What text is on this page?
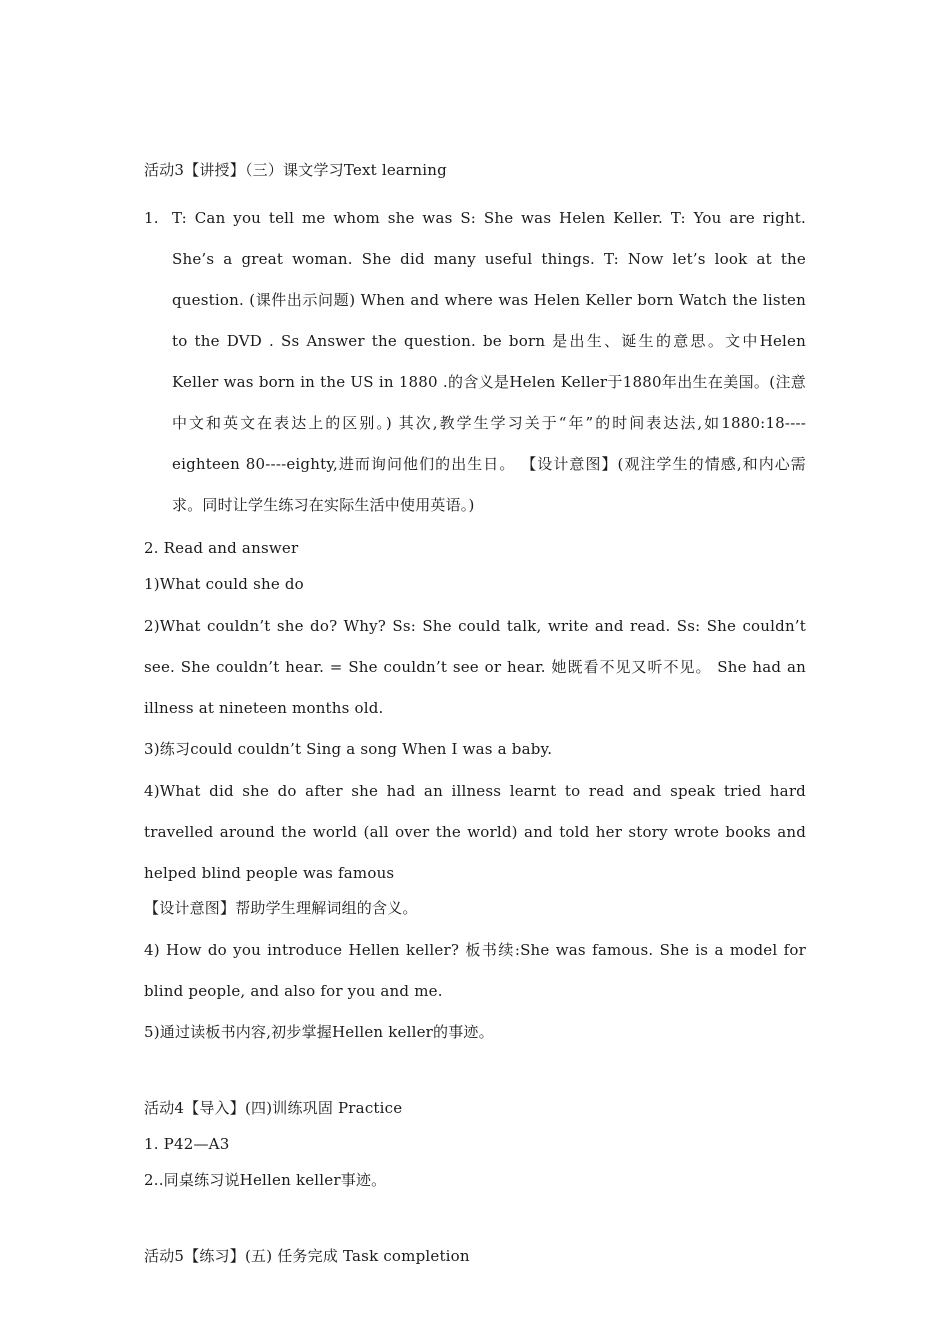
活动3【讲授】（三）课文学习Text learning
1. T: Can you tell me whom she was S: She was Helen Keller. T: You are right. She’s a great woman. She did many useful things. T: Now let’s look at the question. (课件出示问题) When and where was Helen Keller born Watch the listen to the DVD . Ss Answer the question. be born 是出生、诞生的意思。文中Helen Keller was born in the US in 1880 .的含义是Helen Keller于1880年出生在美国。(注意中文和英文在表达上的区别。) 其次,教学生学习关于“年”的时间表达法,如1880:18----eighteen 80----eighty,进而询问他们的出生日。 【设计意图】(观注学生的情感,和内心需求。同时让学生练习在实际生活中使用英语。)
2. Read and answer
1)What could she do
2)What couldn’t she do? Why? Ss: She could talk, write and read. Ss: She couldn’t see. She couldn’t hear. = She couldn’t see or hear. 她既看不见又听不见。 She had an illness at nineteen months old.
3)练习could couldn’t Sing a song When I was a baby.
4)What did she do after she had an illness learnt to read and speak tried hard travelled around the world (all over the world) and told her story wrote books and helped blind people was famous
【设计意图】帮助学生理解词组的含义。
4) How do you introduce Hellen keller? 板书续:She was famous. She is a model for blind people, and also for you and me.
5)通过读板书内容,初步掌握Hellen keller的事迹。
活动4【导入】(四)训练巩固 Practice
1. P42—A3
2..同桌练习说Hellen keller事迹。
活动5【练习】(五) 任务完成 Task completion
